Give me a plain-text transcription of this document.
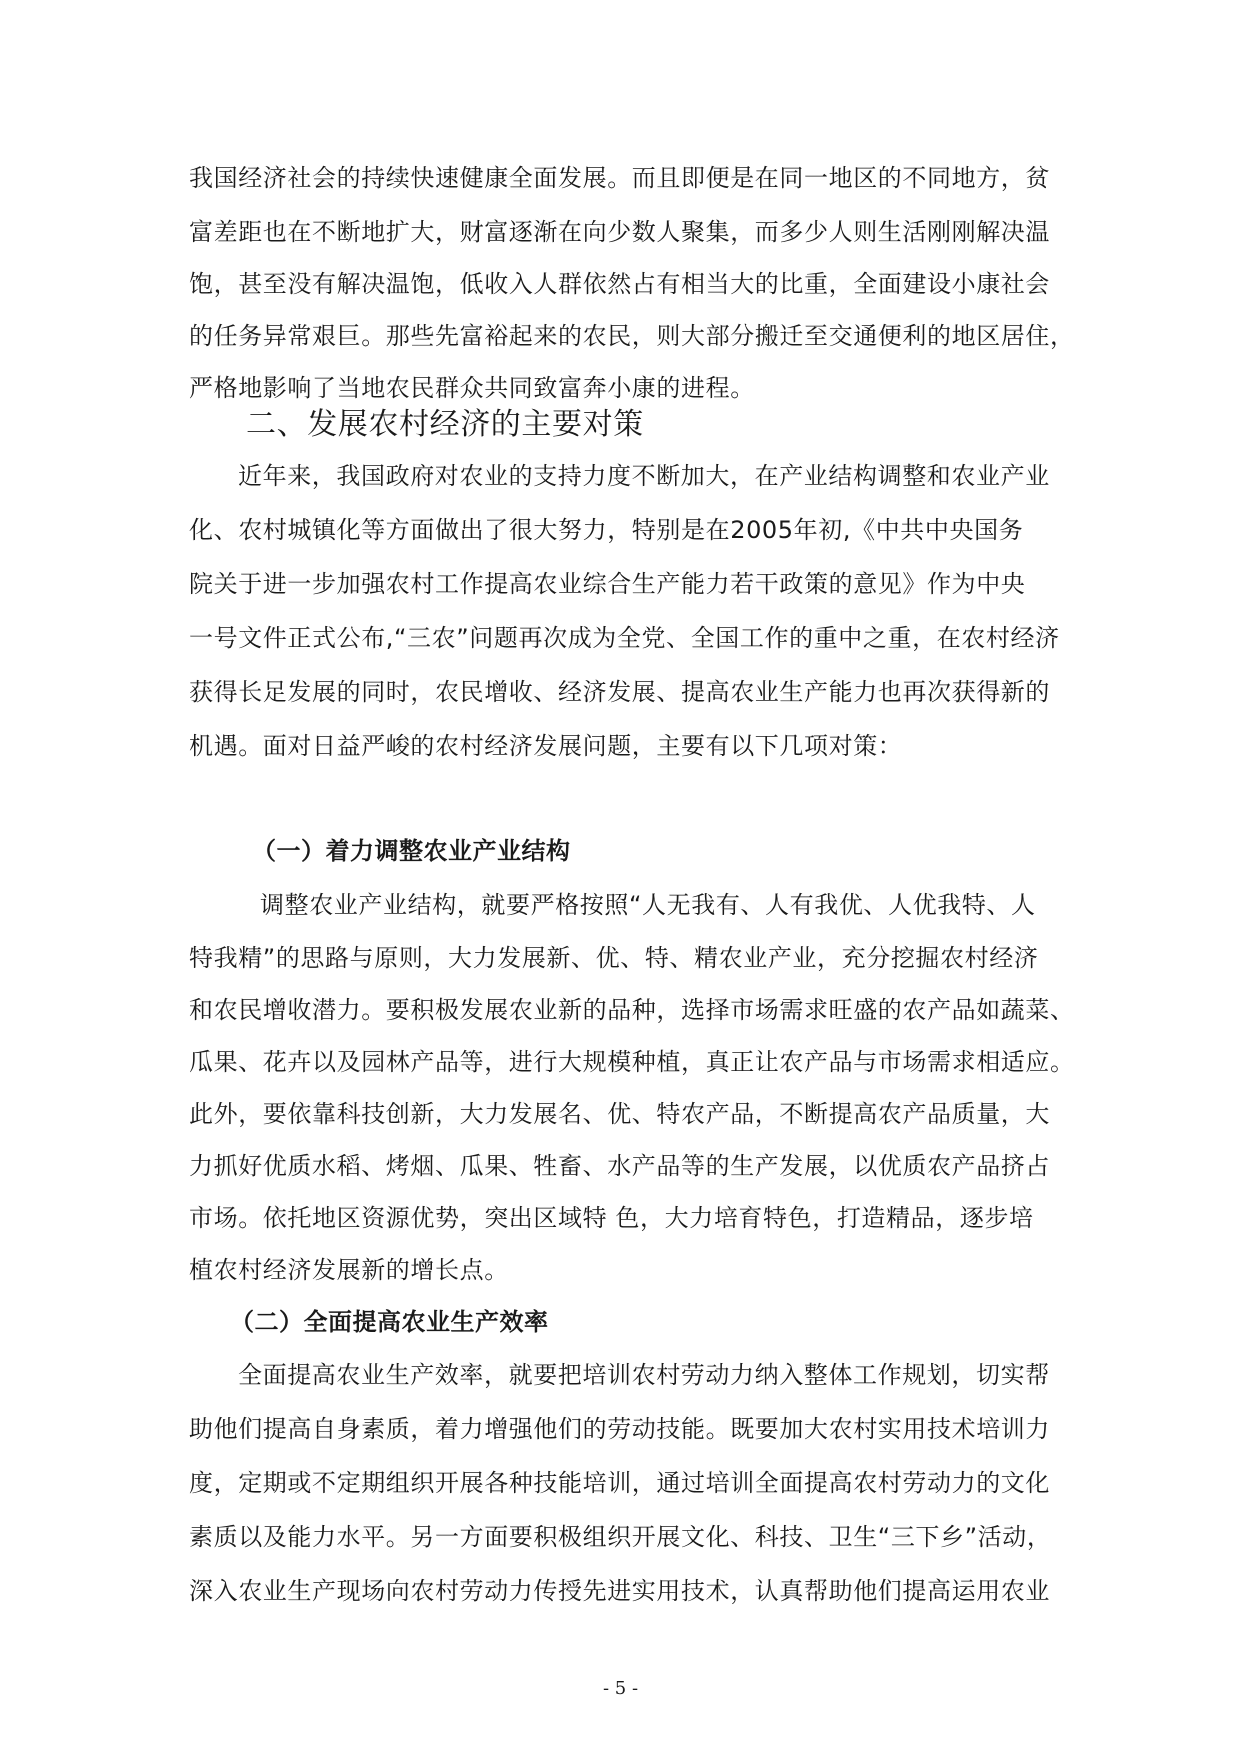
我国经济社会的持续快速健康全面发展。而且即便是在同一地区的不同地方，贫

富差距也在不断地扩大，财富逐渐在向少数人聚集，而多少人则生活刚刚解决温

饱，甚至没有解决温饱，低收入人群依然占有相当大的比重，全面建设小康社会

的任务异常艰巨。那些先富裕起来的农民，则大部分搬迁至交通便利的地区居住，

严格地影响了当地农民群众共同致富奔小康的进程。

二、发展农村经济的主要对策

近年来，我国政府对农业的支持力度不断加大，在产业结构调整和农业产业

化、农村城镇化等方面做出了很大努力，特别是在2005年初,《中共中央国务

院关于进一步加强农村工作提高农业综合生产能力若干政策的意见》作为中央

一号文件正式公布,“三农”问题再次成为全党、全国工作的重中之重，在农村经济

获得长足发展的同时，农民增收、经济发展、提高农业生产能力也再次获得新的

机遇。面对日益严峻的农村经济发展问题，主要有以下几项对策：

（一）着力调整农业产业结构

调整农业产业结构，就要严格按照“人无我有、人有我优、人优我特、人

特我精”的思路与原则，大力发展新、优、特、精农业产业，充分挖掘农村经济

和农民增收潜力。要积极发展农业新的品种，选择市场需求旺盛的农产品如蔬菜、

瓜果、花卉以及园林产品等，进行大规模种植，真正让农产品与市场需求相适应。

此外，要依靠科技创新，大力发展名、优、特农产品，不断提高农产品质量，大

力抓好优质水稻、烤烟、瓜果、牲畜、水产品等的生产发展，以优质农产品挤占

市场。依托地区资源优势，突出区域特 色，大力培育特色，打造精品，逐步培

植农村经济发展新的增长点。

（二）全面提高农业生产效率

全面提高农业生产效率，就要把培训农村劳动力纳入整体工作规划，切实帮

助他们提高自身素质，着力增强他们的劳动技能。既要加大农村实用技术培训力

度，定期或不定期组织开展各种技能培训，通过培训全面提高农村劳动力的文化

素质以及能力水平。另一方面要积极组织开展文化、科技、卫生“三下乡”活动，

深入农业生产现场向农村劳动力传授先进实用技术，认真帮助他们提高运用农业

- 5 -
